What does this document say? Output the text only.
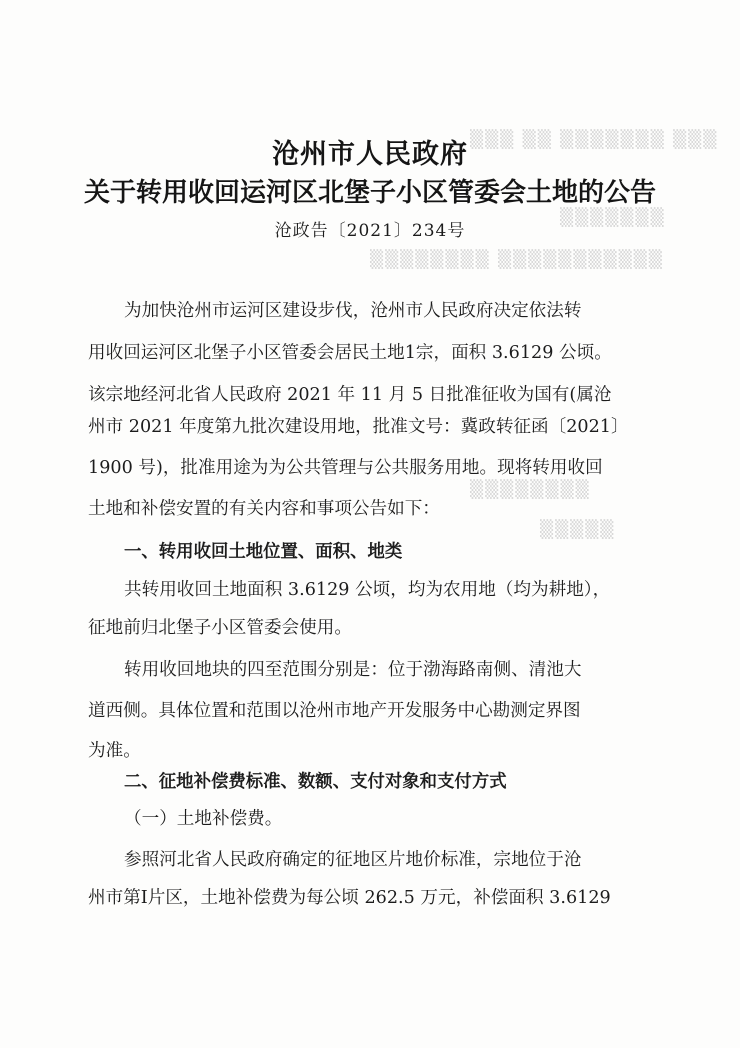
▒▒▒ ▒▒ ▒▒▒▒▒▒▒ ▒▒▒
▒▒▒▒▒▒▒
▒▒▒▒▒▒▒▒ ▒▒▒▒▒▒▒▒▒▒▒
▒▒▒▒▒▒▒▒
▒▒▒▒▒
沧州市人民政府
关于转用收回运河区北堡子小区管委会土地的公告
沧政告〔2021〕234号
为加快沧州市运河区建设步伐，沧州市人民政府决定依法转
用收回运河区北堡子小区管委会居民土地1宗，面积 3.6129 公顷。
该宗地经河北省人民政府 2021 年 11 月 5 日批准征收为国有(属沧
州市 2021 年度第九批次建设用地，批准文号：冀政转征函〔2021〕
1900 号)，批准用途为为公共管理与公共服务用地。现将转用收回
土地和补偿安置的有关内容和事项公告如下：
一、转用收回土地位置、面积、地类
共转用收回土地面积 3.6129 公顷，均为农用地（均为耕地），
征地前归北堡子小区管委会使用。
转用收回地块的四至范围分别是：位于渤海路南侧、清池大
道西侧。具体位置和范围以沧州市地产开发服务中心勘测定界图
为准。
二、征地补偿费标准、数额、支付对象和支付方式
（一）土地补偿费。
参照河北省人民政府确定的征地区片地价标准，宗地位于沧
州市第Ⅰ片区，土地补偿费为每公顷 262.5 万元，补偿面积 3.6129
